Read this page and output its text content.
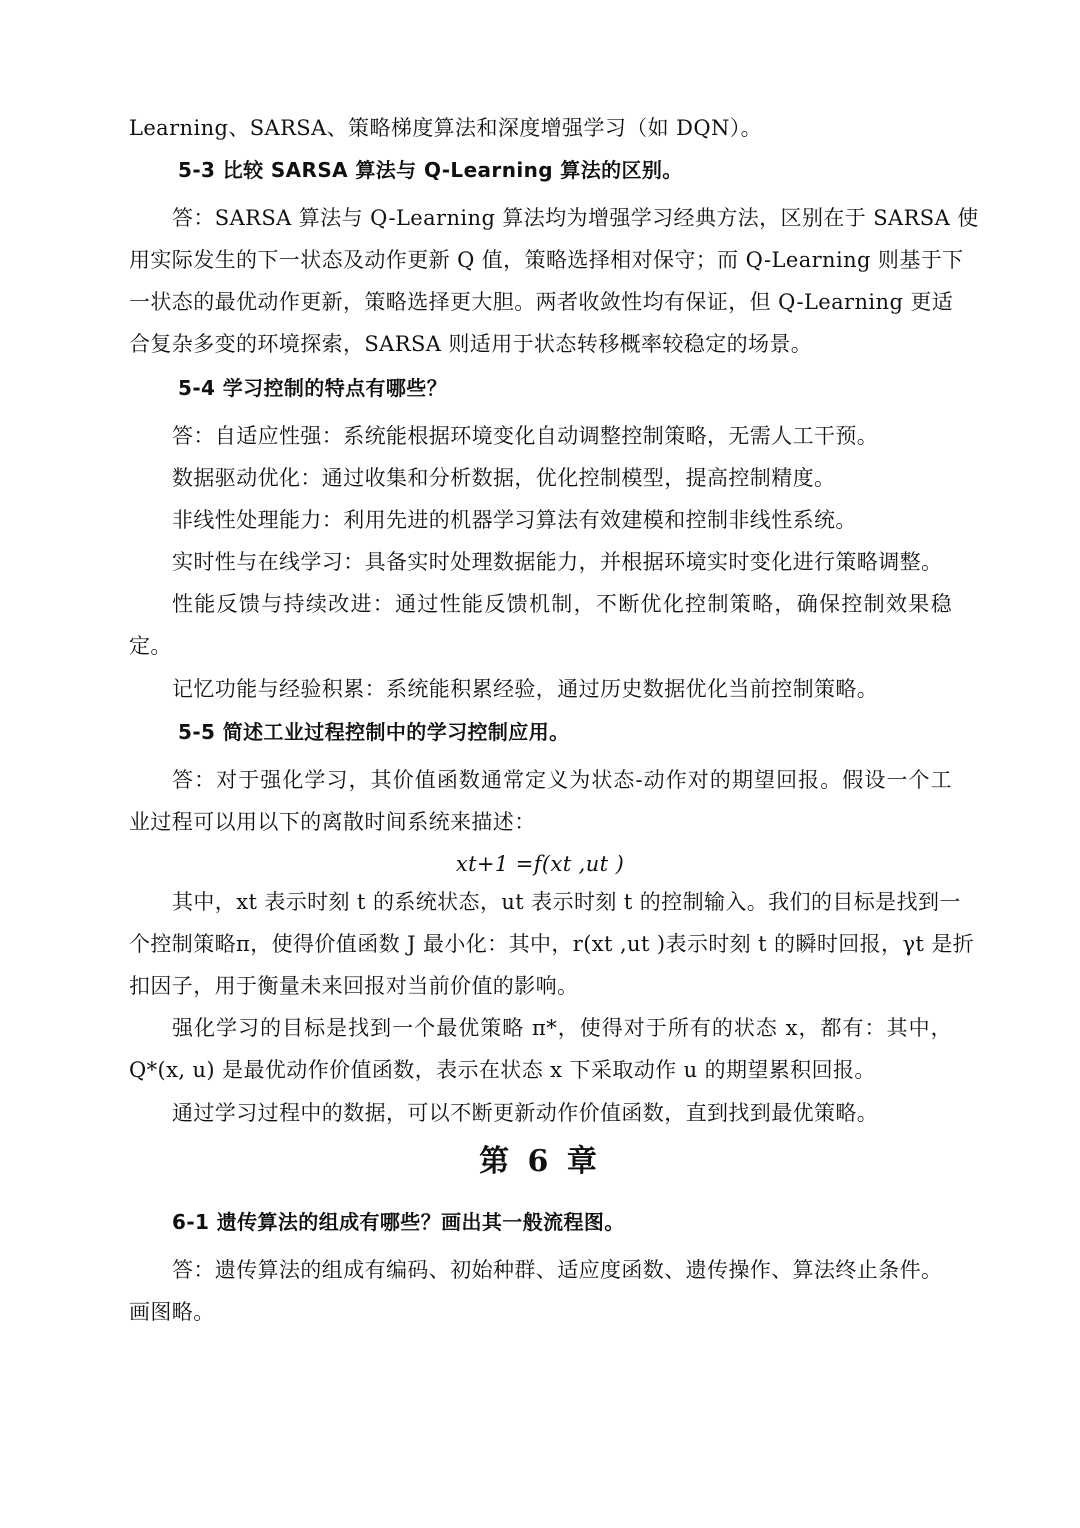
Learning、SARSA、策略梯度算法和深度增强学习（如 DQN）。
5-3 比较 SARSA 算法与 Q-Learning 算法的区别。
答：SARSA 算法与 Q-Learning 算法均为增强学习经典方法，区别在于 SARSA 使
用实际发生的下一状态及动作更新 Q 值，策略选择相对保守；而 Q-Learning 则基于下
一状态的最优动作更新，策略选择更大胆。两者收敛性均有保证，但 Q-Learning 更适
合复杂多变的环境探索，SARSA 则适用于状态转移概率较稳定的场景。
5-4 学习控制的特点有哪些？
答：自适应性强：系统能根据环境变化自动调整控制策略，无需人工干预。
数据驱动优化：通过收集和分析数据，优化控制模型，提高控制精度。
非线性处理能力：利用先进的机器学习算法有效建模和控制非线性系统。
实时性与在线学习：具备实时处理数据能力，并根据环境实时变化进行策略调整。
性能反馈与持续改进：通过性能反馈机制，不断优化控制策略，确保控制效果稳
定。
记忆功能与经验积累：系统能积累经验，通过历史数据优化当前控制策略。
5-5 简述工业过程控制中的学习控制应用。
答：对于强化学习，其价值函数通常定义为状态-动作对的期望回报。假设一个工
业过程可以用以下的离散时间系统来描述：
xt+1 =f(xt ,ut )
其中，xt 表示时刻 t 的系统状态，ut 表示时刻 t 的控制输入。我们的目标是找到一
个控制策略π，使得价值函数 J 最小化：其中，r(xt ,ut )表示时刻 t 的瞬时回报，γt 是折
扣因子，用于衡量未来回报对当前价值的影响。
强化学习的目标是找到一个最优策略 π*，使得对于所有的状态 x，都有：其中，
Q*(x, u) 是最优动作价值函数，表示在状态 x 下采取动作 u 的期望累积回报。
通过学习过程中的数据，可以不断更新动作价值函数，直到找到最优策略。
第 6 章
6-1 遗传算法的组成有哪些？画出其一般流程图。
答：遗传算法的组成有编码、初始种群、适应度函数、遗传操作、算法终止条件。
画图略。
